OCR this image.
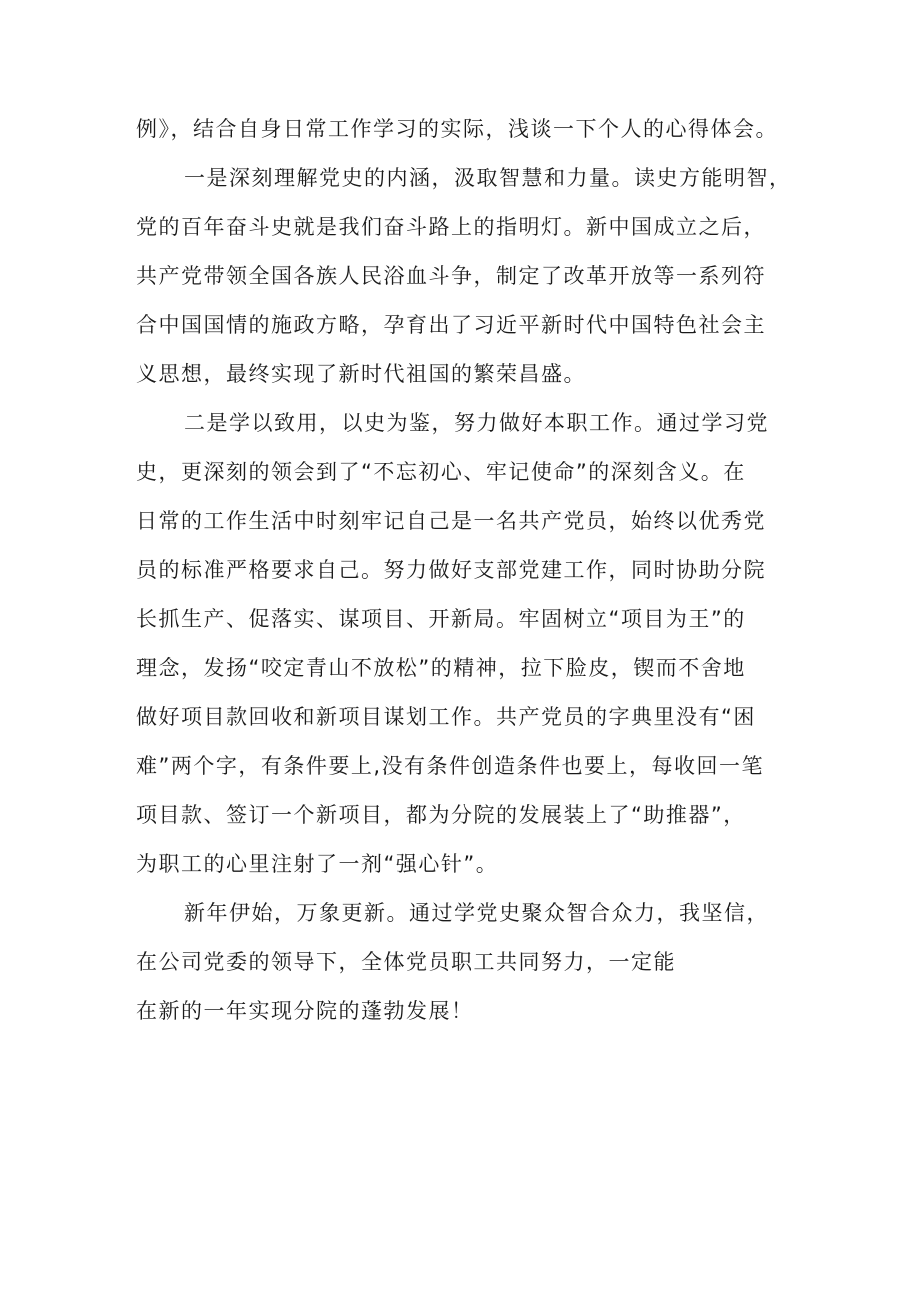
例》，结合自身日常工作学习的实际，浅谈一下个人的心得体会。
一是深刻理解党史的内涵，汲取智慧和力量。读史方能明智，
党的百年奋斗史就是我们奋斗路上的指明灯。新中国成立之后，
共产党带领全国各族人民浴血斗争，制定了改革开放等一系列符
合中国国情的施政方略，孕育出了习近平新时代中国特色社会主
义思想，最终实现了新时代祖国的繁荣昌盛。
二是学以致用，以史为鉴，努力做好本职工作。通过学习党
史，更深刻的领会到了“不忘初心、牢记使命”的深刻含义。在
日常的工作生活中时刻牢记自己是一名共产党员，始终以优秀党
员的标准严格要求自己。努力做好支部党建工作，同时协助分院
长抓生产、促落实、谋项目、开新局。牢固树立“项目为王”的
理念，发扬“咬定青山不放松”的精神，拉下脸皮，锲而不舍地
做好项目款回收和新项目谋划工作。共产党员的字典里没有“困
难”两个字，有条件要上,没有条件创造条件也要上，每收回一笔
项目款、签订一个新项目，都为分院的发展装上了“助推器”，
为职工的心里注射了一剂“强心针”。
新年伊始，万象更新。通过学党史聚众智合众力，我坚信，
在公司党委的领导下，全体党员职工共同努力，一定能
在新的一年实现分院的蓬勃发展！
